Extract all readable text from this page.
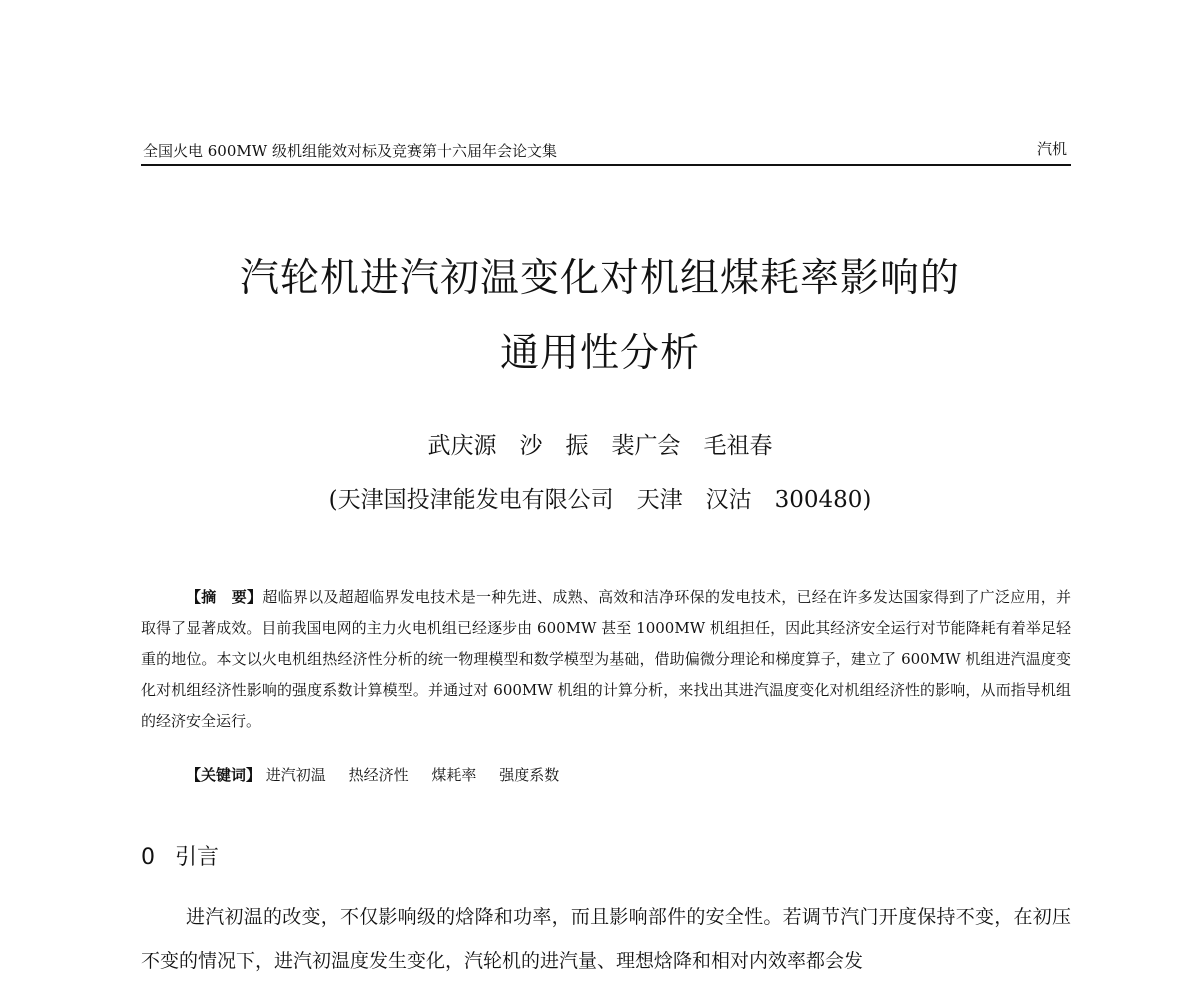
全国火电 600MW 级机组能效对标及竞赛第十六届年会论文集	汽机
汽轮机进汽初温变化对机组煤耗率影响的
通用性分析
武庆源　沙　振　裴广会　毛祖春
(天津国投津能发电有限公司　天津　汉沽　300480)

【摘　要】超临界以及超超临界发电技术是一种先进、成熟、高效和洁净环保的发电技术，已经在许多发达国家得到了广泛应用，并取得了显著成效。目前我国电网的主力火电机组已经逐步由 600MW 甚至 1000MW 机组担任，因此其经济安全运行对节能降耗有着举足轻重的地位。本文以火电机组热经济性分析的统一物理模型和数学模型为基础，借助偏微分理论和梯度算子，建立了 600MW 机组进汽温度变化对机组经济性影响的强度系数计算模型。并通过对 600MW 机组的计算分析，来找出其进汽温度变化对机组经济性的影响，从而指导机组的经济安全运行。

【关键词】 进汽初温 热经济性 煤耗率 强度系数
0 引言

进汽初温的改变，不仅影响级的焓降和功率，而且影响部件的安全性。若调节汽门开度保持不变，在初压不变的情况下，进汽初温度发生变化，汽轮机的进汽量、理想焓降和相对内效率都会发
